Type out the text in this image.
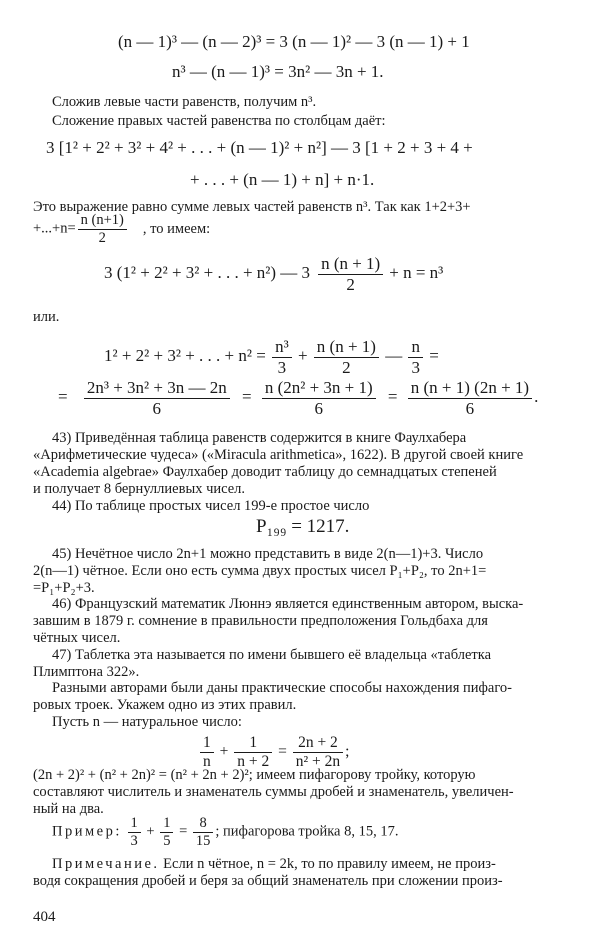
(n — 1)³ — (n — 2)³ = 3 (n — 1)² — 3 (n — 1) + 1
n³ — (n — 1)³ = 3n² — 3n + 1.
Сложив левые части равенств, получим n³.
Сложение правых частей равенства по столбцам даёт:
3 [1² + 2² + 3² + 4² + . . . + (n — 1)² + n²] — 3 [1 + 2 + 3 + 4 +
+ . . . + (n — 1) + n] + n·1.
Это выражение равно сумме левых частей равенств n³. Так как 1+2+3+
$+...+n= \frac{n (n+1)}{2}$ , то имеем:
3 (1² + 2² + 3² + . . . + n²) — $3 \frac{n (n + 1)}{2} + n = n^3$
или.
1² + 2² + 3² + . . . + $n^2 = \frac{\text{n³}}{3} + \frac{n (n + 1)}{2}$ — $\frac{n}{3}$ =
= $\frac{\text{2n³ + 3n² + 3n — 2n}}{6} = \frac{\text{n (2n² + 3n + 1)}}{6} = \frac{n (n + 1) (2n + 1)}{6}$ .
43) Приведённая таблица равенств содержится в книге Фаулхабера
«Арифметические чудеса» («Miracula arithmetica», 1622). В другой своей книге
«Academia algebrae» Фаулхабер доводит таблицу до семнадцатых степеней
и получает 8 бернуллиевых чисел.
44) По таблице простых чисел 199-е простое число
P₁₉₉ = 1217.
45) Нечётное число 2n+1 можно представить в виде 2(n—1)+3. Число
2(n—1) чётное. Если оно есть сумма двух простых чисел P₁+P₂, то 2n+1=
=P₁+P₂+3.
46) Французский математик Люннэ является единственным автором, выска-
завшим в 1879 г. сомнение в правильности предположения Гольдбаха для
чётных чисел.
47) Таблетка эта называется по имени бывшего её владельца «таблетка
Плимптона 322».
Разными авторами были даны практические способы нахождения пифаго-
ровых троек. Укажем одно из этих правил.
Пусть n — натуральное число:
$\frac{1}{n} + \frac{1}{n + 2} = \frac{2n + 2}{\text{n² + 2n}}$ ;
(2n + 2)² + (n² + 2n)² = (n² + 2n + 2)²; имеем пифагорову тройку, которую
составляют числитель и знаменатель суммы дробей и знаменатель, увеличен-
ный на два.
Пример: $\frac{1}{3} + \frac{1}{5} = \frac{8}{15}$ ; пифагорова тройка 8, 15, 17.
Примечание. Если n чётное, n = 2k, то по правилу имеем, не произ-
водя сокращения дробей и беря за общий знаменатель при сложении произ-
404
